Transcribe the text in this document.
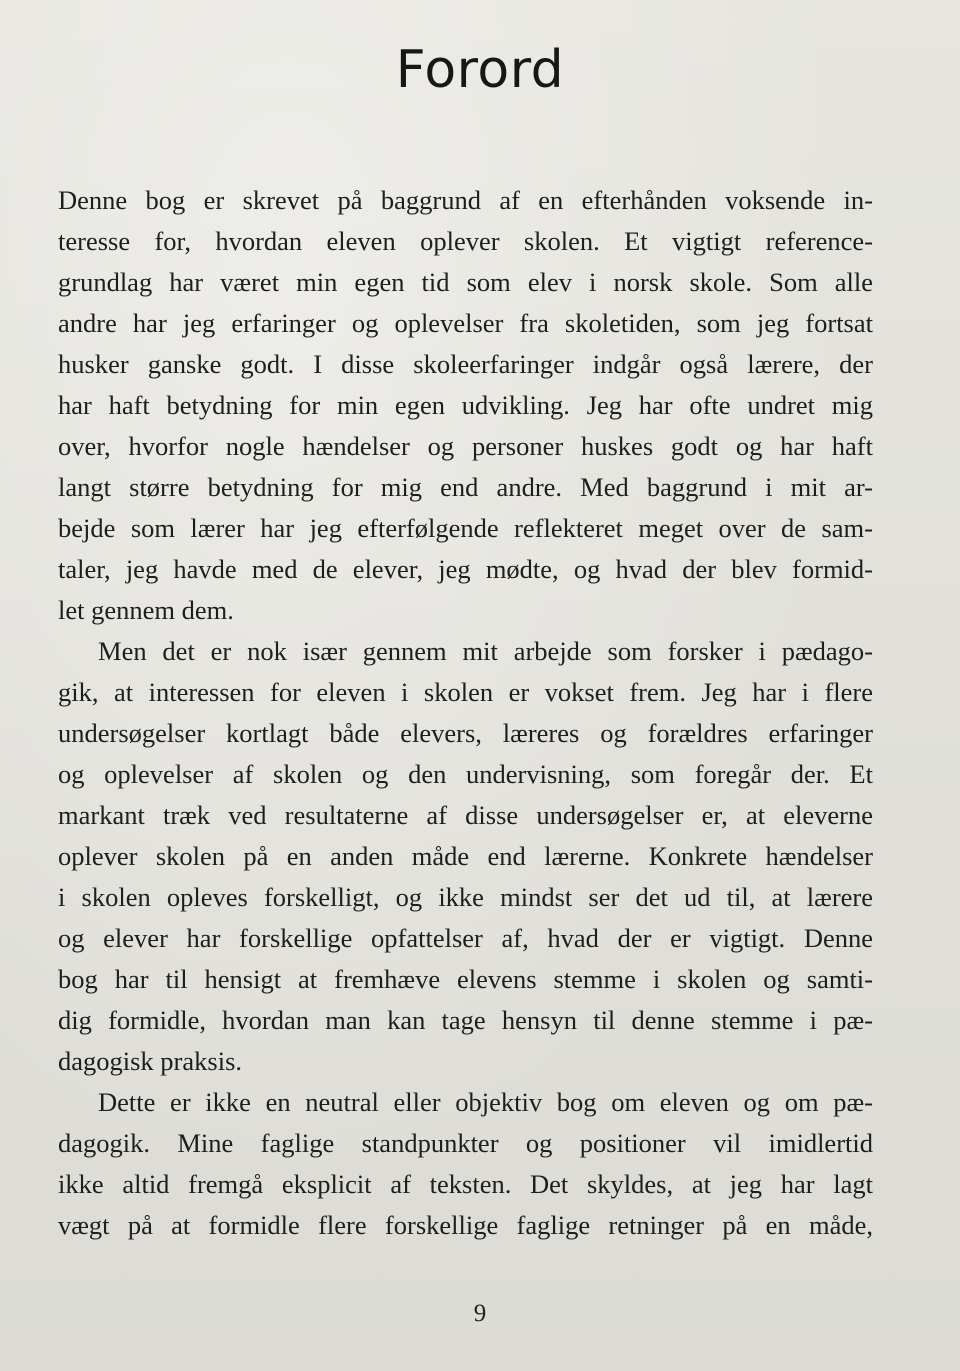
Forord
Denne bog er skrevet på baggrund af en efterhånden voksende in-
teresse for, hvordan eleven oplever skolen. Et vigtigt reference-
grundlag har været min egen tid som elev i norsk skole. Som alle
andre har jeg erfaringer og oplevelser fra skoletiden, som jeg fortsat
husker ganske godt. I disse skoleerfaringer indgår også lærere, der
har haft betydning for min egen udvikling. Jeg har ofte undret mig
over, hvorfor nogle hændelser og personer huskes godt og har haft
langt større betydning for mig end andre. Med baggrund i mit ar-
bejde som lærer har jeg efterfølgende reflekteret meget over de sam-
taler, jeg havde med de elever, jeg mødte, og hvad der blev formid-
let gennem dem.
Men det er nok især gennem mit arbejde som forsker i pædago-
gik, at interessen for eleven i skolen er vokset frem. Jeg har i flere
undersøgelser kortlagt både elevers, læreres og forældres erfaringer
og oplevelser af skolen og den undervisning, som foregår der. Et
markant træk ved resultaterne af disse undersøgelser er, at eleverne
oplever skolen på en anden måde end lærerne. Konkrete hændelser
i skolen opleves forskelligt, og ikke mindst ser det ud til, at lærere
og elever har forskellige opfattelser af, hvad der er vigtigt. Denne
bog har til hensigt at fremhæve elevens stemme i skolen og samti-
dig formidle, hvordan man kan tage hensyn til denne stemme i pæ-
dagogisk praksis.
Dette er ikke en neutral eller objektiv bog om eleven og om pæ-
dagogik. Mine faglige standpunkter og positioner vil imidlertid
ikke altid fremgå eksplicit af teksten. Det skyldes, at jeg har lagt
vægt på at formidle flere forskellige faglige retninger på en måde,
9
